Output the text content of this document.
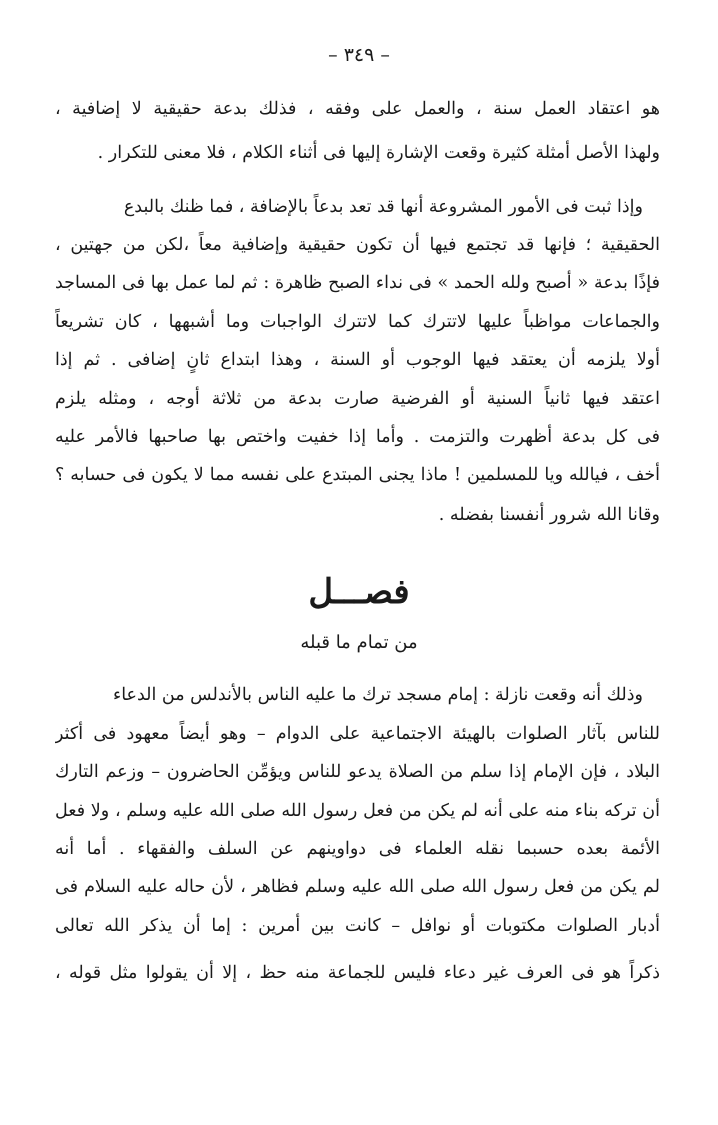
– ٣٤٩ –
هو اعتقاد العمل سنة ، والعمل على وفقه ، فذلك بدعة حقيقية لا إضافية ،
ولهذا الأصل أمثلة كثيرة وقعت الإشارة إليها فى أثناء الكلام ، فلا معنى للتكرار .
وإذا ثبت فى الأمور المشروعة أنها قد تعد بدعاً بالإضافة ، فما ظنك بالبدع
الحقيقية ؛ فإنها قد تجتمع فيها أن تكون حقيقية وإضافية معاً ،لكن من جهتين ،
فإذًا بدعة « أصبح ولله الحمد » فى نداء الصبح ظاهرة : ثم لما عمل بها فى المساجد
والجماعات مواظباً عليها لاتترك كما لاتترك الواجبات وما أشبهها ، كان تشريعاً
أولا يلزمه أن يعتقد فيها الوجوب أو السنة ، وهذا ابتداع ثانٍ إضافى . ثم إذا
اعتقد فيها ثانياً السنية أو الفرضية صارت بدعة من ثلاثة أوجه ، ومثله يلزم
فى كل بدعة أظهرت والتزمت . وأما إذا خفيت واختص بها صاحبها فالأمر عليه
أخف ، فيالله ويا للمسلمين ! ماذا يجنى المبتدع على نفسه مما لا يكون فى حسابه ؟
وقانا الله شرور أنفسنا بفضله .
فصـــل
من تمام ما قبله
وذلك أنه وقعت نازلة : إمام مسجد ترك ما عليه الناس بالأندلس من الدعاء
للناس بآثار الصلوات بالهيئة الاجتماعية على الدوام – وهو أيضاً معهود فى أكثر
البلاد ، فإن الإمام إذا سلم من الصلاة يدعو للناس ويؤمِّن الحاضرون – وزعم التارك
أن تركه بناء منه على أنه لم يكن من فعل رسول الله صلى الله عليه وسلم ، ولا فعل
الأئمة بعده حسبما نقله العلماء فى دواوينهم عن السلف والفقهاء . أما أنه
لم يكن من فعل رسول الله صلى الله عليه وسلم فظاهر ، لأن حاله عليه السلام فى
أدبار الصلوات مكتوبات أو نوافل – كانت بين أمرين : إما أن يذكر الله تعالى
ذكراً هو فى العرف غير دعاء فليس للجماعة منه حظ ، إلا أن يقولوا مثل قوله ،
